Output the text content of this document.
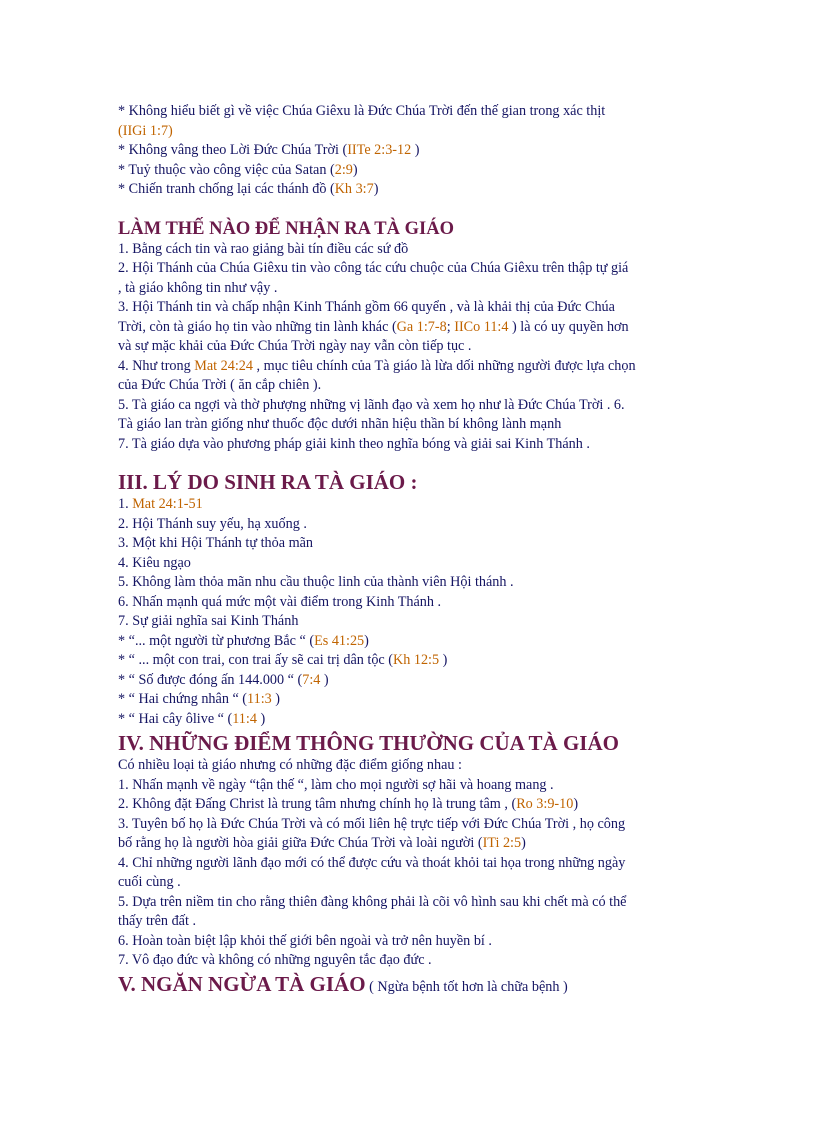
* Không hiểu biết gì về việc Chúa Giêxu là Đức Chúa Trời đến thế gian trong xác thịt
(IIGi 1:7)
* Không vâng theo Lời Đức Chúa Trời (IITe 2:3-12 )
* Tuỷ thuộc vào công việc của Satan (2:9)
* Chiến tranh chống lại các thánh đồ (Kh 3:7)
LÀM THẾ NÀO ĐỂ NHẬN RA TÀ GIÁO
1. Bằng cách tin và rao giảng bài tín điều các sứ đồ
2. Hội Thánh của Chúa Giêxu tin vào công tác cứu chuộc của Chúa Giêxu trên thập tự giá
, tà giáo không tin như vậy .
3. Hội Thánh tin và chấp nhận Kinh Thánh gồm 66 quyển , và là khải thị của Đức Chúa
Trời, còn tà giáo họ tin vào những tin lành khác (Ga 1:7-8; IICo 11:4 ) là có uy quyền hơn
và sự mặc khải của Đức Chúa Trời ngày nay vẫn còn tiếp tục .
4. Như trong Mat 24:24 , mục tiêu chính của Tà giáo là lừa dối những người được lựa chọn
của Đức Chúa Trời ( ăn cắp chiên ).
5. Tà giáo ca ngợi và thờ phượng những vị lãnh đạo và xem họ như là Đức Chúa Trời . 6.
Tà giáo lan tràn giống như thuốc độc dưới nhãn hiệu thần bí không lành mạnh
7. Tà giáo dựa vào phương pháp giải kinh theo nghĩa bóng và giải sai Kinh Thánh .
III. LÝ DO SINH RA TÀ GIÁO :
1. Mat 24:1-51
2. Hội Thánh suy yếu, hạ xuống .
3. Một khi Hội Thánh tự thỏa mãn
4. Kiêu ngạo
5. Không làm thỏa mãn nhu cầu thuộc linh của thành viên Hội thánh .
6. Nhấn mạnh quá mức một vài điểm trong Kinh Thánh .
7. Sự giải nghĩa sai Kinh Thánh
* “... một người từ phương Bắc “ (Es 41:25)
* “ ... một con trai, con trai ấy sẽ cai trị dân tộc (Kh 12:5 )
* “ Số được đóng ấn 144.000 “ (7:4 )
* “ Hai chứng nhân “ (11:3 )
* “ Hai cây ôlive “ (11:4 )
IV. NHỮNG ĐIỂM THÔNG THƯỜNG CỦA TÀ GIÁO
Có nhiều loại tà giáo nhưng có những đặc điểm giống nhau :
1. Nhấn mạnh về ngày “tận thế “, làm cho mọi người sợ hãi và hoang mang .
2. Không đặt Đấng Christ là trung tâm nhưng chính họ là trung tâm , (Ro 3:9-10)
3. Tuyên bố họ là Đức Chúa Trời và có mối liên hệ trực tiếp với Đức Chúa Trời , họ công
bố rằng họ là người hòa giải giữa Đức Chúa Trời và loài người (ITi 2:5)
4. Chỉ những người lãnh đạo mới có thể được cứu và thoát khỏi tai họa trong những ngày
cuối cùng .
5. Dựa trên niềm tin cho rằng thiên đàng không phải là cõi vô hình sau khi chết mà có thể
thấy trên đất .
6. Hoàn toàn biệt lập khỏi thế giới bên ngoài và trở nên huyền bí .
7. Vô đạo đức và không có những nguyên tắc đạo đức .
V. NGĂN NGỪA TÀ GIÁO ( Ngừa bệnh tốt hơn là chữa bệnh )
